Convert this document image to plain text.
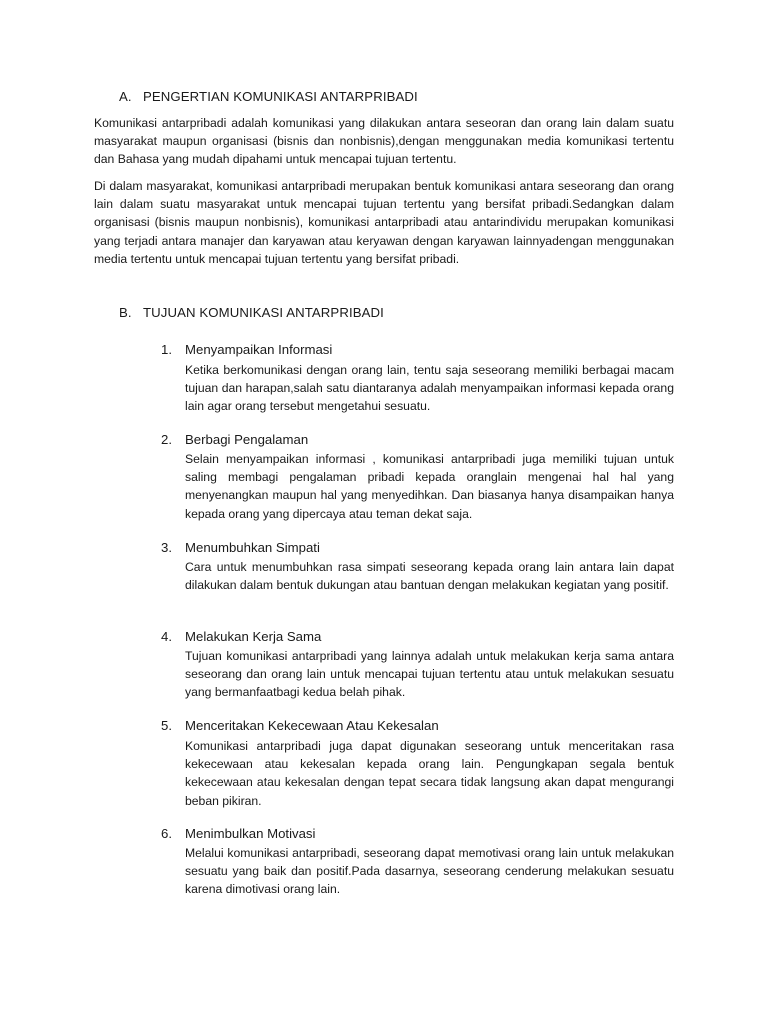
A. PENGERTIAN KOMUNIKASI ANTARPRIBADI

Komunikasi antarpribadi adalah komunikasi yang dilakukan antara seseoran dan orang lain dalam suatu masyarakat maupun organisasi (bisnis dan nonbisnis),dengan menggunakan media komunikasi tertentu dan Bahasa yang mudah dipahami untuk mencapai tujuan tertentu.

Di dalam masyarakat, komunikasi antarpribadi merupakan bentuk komunikasi antara seseorang dan orang lain dalam suatu masyarakat untuk mencapai tujuan tertentu yang bersifat pribadi.Sedangkan dalam organisasi (bisnis maupun nonbisnis), komunikasi antarpribadi atau antarindividu merupakan komunikasi yang terjadi antara manajer dan karyawan atau keryawan dengan karyawan lainnyadengan menggunakan media tertentu untuk mencapai tujuan tertentu yang bersifat pribadi.

B. TUJUAN KOMUNIKASI ANTARPRIBADI
1. Menyampaikan Informasi

Ketika berkomunikasi dengan orang lain, tentu saja seseorang memiliki berbagai macam tujuan dan harapan,salah satu diantaranya adalah menyampaikan informasi kepada orang lain agar orang tersebut mengetahui sesuatu.

2. Berbagi Pengalaman

Selain menyampaikan informasi , komunikasi antarpribadi juga memiliki tujuan untuk saling membagi pengalaman pribadi kepada oranglain mengenai hal hal yang menyenangkan maupun hal yang menyedihkan. Dan biasanya hanya disampaikan hanya kepada orang yang dipercaya atau teman dekat saja.

3. Menumbuhkan Simpati

Cara untuk menumbuhkan rasa simpati seseorang kepada orang lain antara lain dapat dilakukan dalam bentuk dukungan atau bantuan dengan melakukan kegiatan yang positif.

4. Melakukan Kerja Sama

Tujuan komunikasi antarpribadi yang lainnya adalah untuk melakukan kerja sama antara seseorang dan orang lain untuk mencapai tujuan tertentu atau untuk melakukan sesuatu yang bermanfaatbagi kedua belah pihak.

5. Menceritakan Kekecewaan Atau Kekesalan

Komunikasi antarpribadi juga dapat digunakan seseorang untuk menceritakan rasa kekecewaan atau kekesalan kepada orang lain. Pengungkapan segala bentuk kekecewaan atau kekesalan dengan tepat secara tidak langsung akan dapat mengurangi beban pikiran.

6. Menimbulkan Motivasi

Melalui komunikasi antarpribadi, seseorang dapat memotivasi orang lain untuk melakukan sesuatu yang baik dan positif.Pada dasarnya, seseorang cenderung melakukan sesuatu karena dimotivasi orang lain.
